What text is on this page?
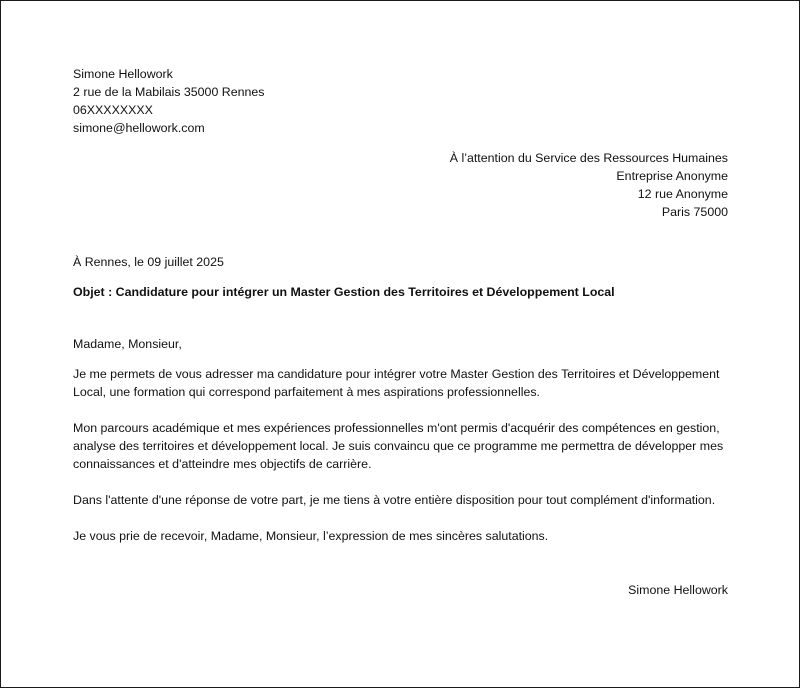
Simone Hellowork
2 rue de la Mabilais 35000 Rennes
06XXXXXXXX
simone@hellowork.com
À l’attention du Service des Ressources Humaines
Entreprise Anonyme
12 rue Anonyme
Paris 75000
À Rennes, le 09 juillet 2025
Objet : Candidature pour intégrer un Master Gestion des Territoires et Développement Local
Madame, Monsieur,

Je me permets de vous adresser ma candidature pour intégrer votre Master Gestion des Territoires et Développement Local, une formation qui correspond parfaitement à mes aspirations professionnelles.

Mon parcours académique et mes expériences professionnelles m'ont permis d'acquérir des compétences en gestion, analyse des territoires et développement local. Je suis convaincu que ce programme me permettra de développer mes connaissances et d'atteindre mes objectifs de carrière.

Dans l'attente d'une réponse de votre part, je me tiens à votre entière disposition pour tout complément d'information.

Je vous prie de recevoir, Madame, Monsieur, l’expression de mes sincères salutations.

Simone Hellowork
